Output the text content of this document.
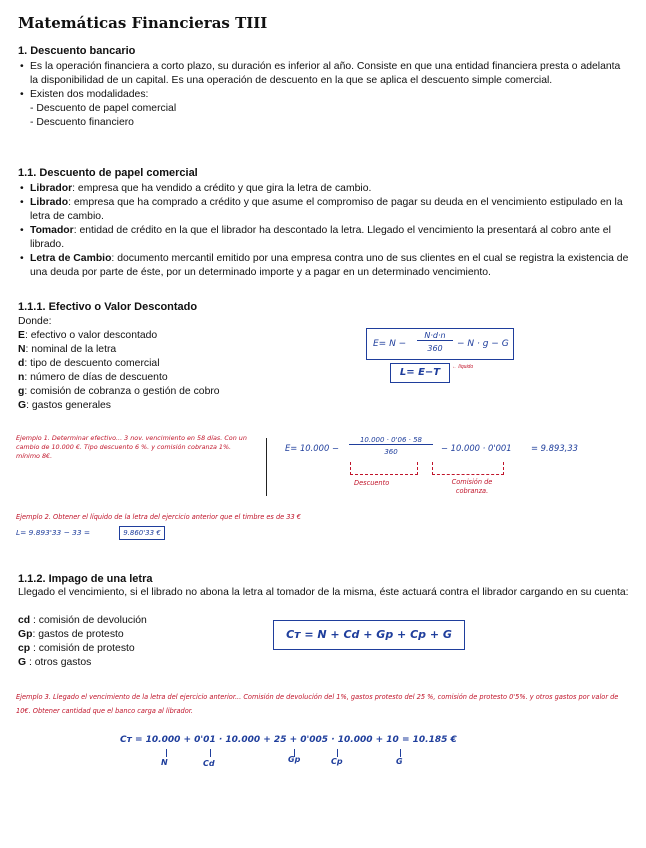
Matemáticas Financieras TIII
1. Descuento bancario
• Es la operación financiera a corto plazo, su duración es inferior al año. Consiste en que una entidad financiera presta o adelanta la disponibilidad de un capital. Es una operación de descuento en la que se aplica el descuento simple comercial.
• Existen dos modalidades:
- Descuento de papel comercial
- Descuento financiero
1.1. Descuento de papel comercial
• Librador: empresa que ha vendido a crédito y que gira la letra de cambio.
• Librado: empresa que ha comprado a crédito y que asume el compromiso de pagar su deuda en el vencimiento estipulado en la letra de cambio.
• Tomador: entidad de crédito en la que el librador ha descontado la letra. Llegado el vencimiento la presentará al cobro ante el librado.
• Letra de Cambio: documento mercantil emitido por una empresa contra uno de sus clientes en el cual se registra la existencia de una deuda por parte de éste, por un determinado importe y a pagar en un determinado vencimiento.
1.1.1. Efectivo o Valor Descontado
Donde:
E: efectivo o valor descontado
N: nominal de la letra
d: tipo de descuento comercial
n: número de días de descuento
g: comisión de cobranza o gestión de cobro
G: gastos generales
E= N −
N·d·n
360	− N · g − G
L= E−T	← líquido
Ejemplo 1. Determinar efectivo... 3 nov. vencimiento en 58 días. Con un cambio de 10.000 €. Tipo descuento 6 %. y comisión cobranza 1%. mínimo 8€.
E= 10.000 −
10.000 · 0'06 · 58
360	− 10.000 · 0'001 = 9.893,33
Descuento	Comisión de cobranza.
Ejemplo 2. Obtener el líquido de la letra del ejercicio anterior que el timbre es de 33 €
L= 9.893'33 − 33 =	9.860'33 €
1.1.2. Impago de una letra
Llegado el vencimiento, si el librado no abona la letra al tomador de la misma, éste actuará contra el librador cargando en su cuenta:
cd : comisión de devolución
Gp: gastos de protesto
cp : comisión de protesto
G : otros gastos
Cт = N + Cd + Gp + Cp + G
Ejemplo 3. Llegado el vencimiento de la letra del ejercicio anterior... Comisión de devolución del 1%, gastos protesto del 25 %, comisión de protesto 0'5%. y otros gastos por valor de 10€. Obtener cantidad que el banco carga al librador.
Cт = 10.000 + 0'01 · 10.000 + 25 + 0'005 · 10.000 + 10 = 10.185 €
N	Cd	Gp	Cp	G
